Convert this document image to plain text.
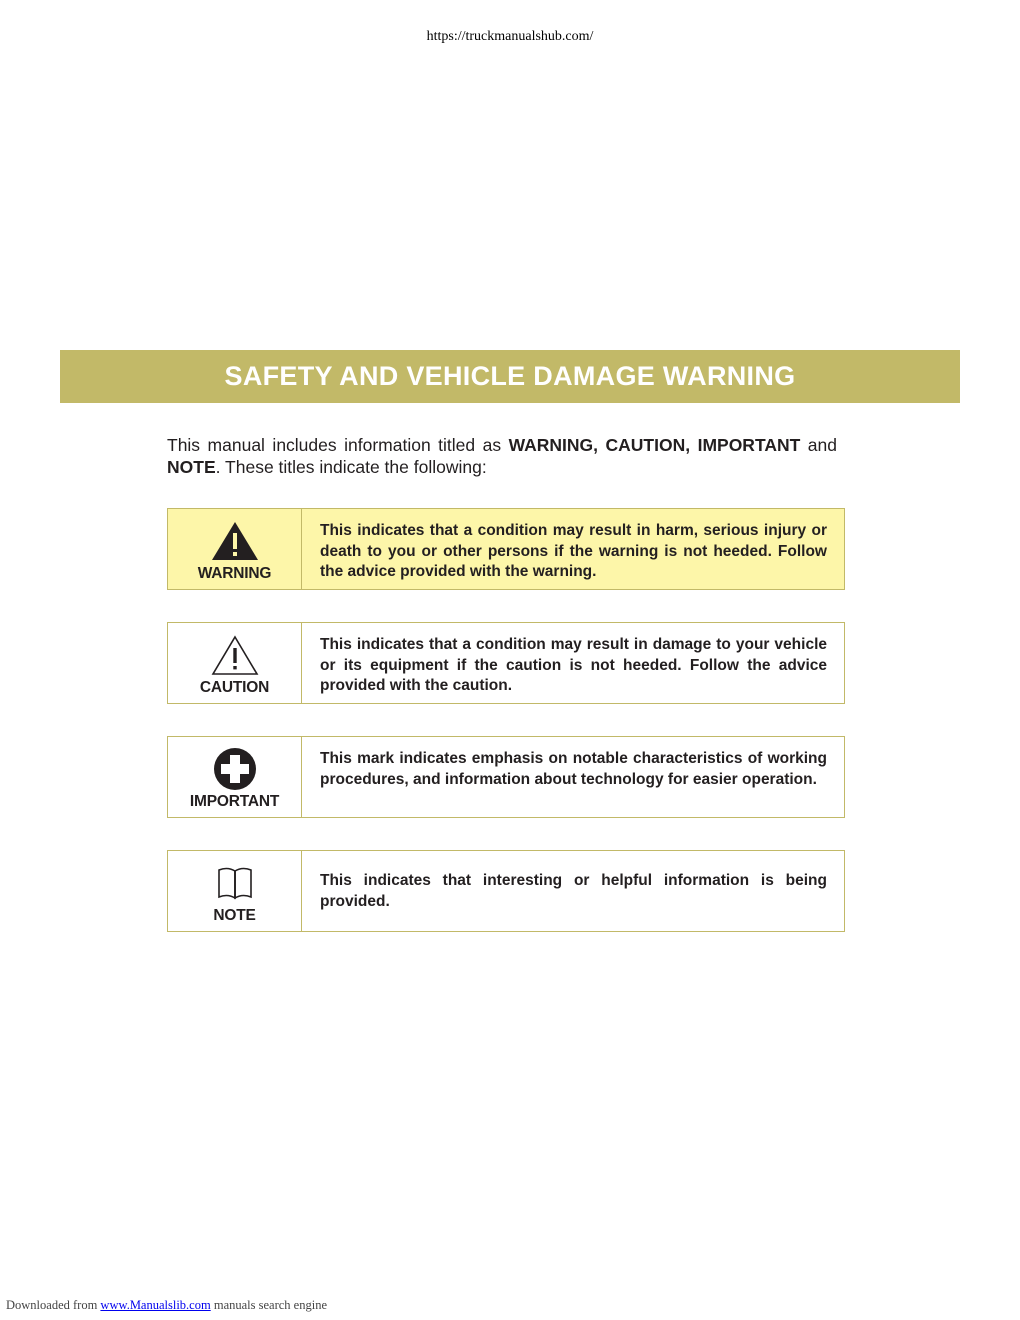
https://truckmanualshub.com/
SAFETY AND VEHICLE DAMAGE WARNING
This manual includes information titled as WARNING, CAUTION, IMPORTANT and NOTE. These titles indicate the following:
WARNING
This indicates that a condition may result in harm, serious injury or death to you or other persons if the warning is not heeded. Follow the advice provided with the warning.
CAUTION
This indicates that a condition may result in damage to your vehicle or its equipment if the caution is not heeded. Follow the advice provided with the caution.
IMPORTANT
This mark indicates emphasis on notable characteristics of working procedures, and information about technology for easier operation.
NOTE
This indicates that interesting or helpful information is being provided.
Downloaded from www.Manualslib.com manuals search engine
